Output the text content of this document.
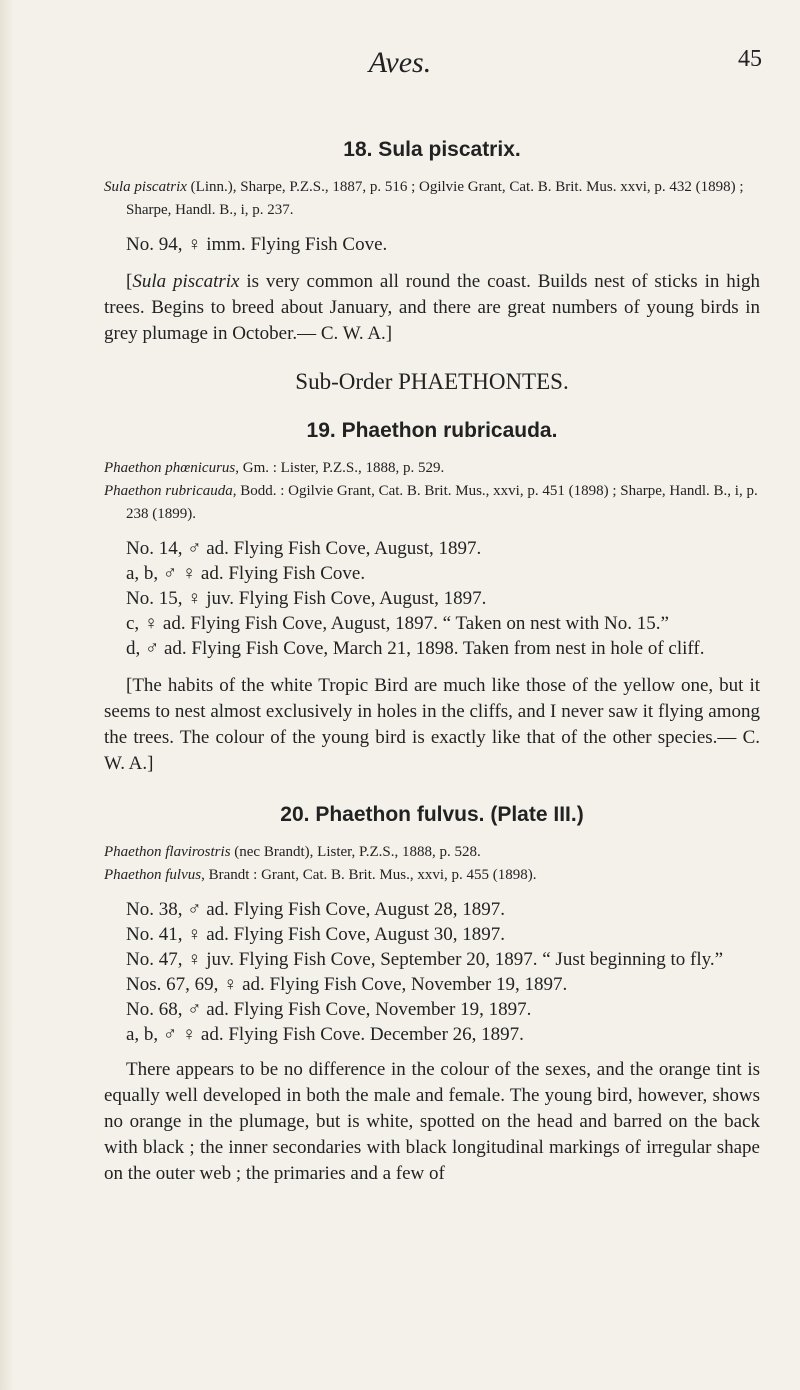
Aves.	45
18. Sula piscatrix.
Sula piscatrix (Linn.), Sharpe, P.Z.S., 1887, p. 516 ; Ogilvie Grant, Cat. B. Brit. Mus. xxvi, p. 432 (1898) ; Sharpe, Handl. B., i, p. 237.
No. 94, ♀ imm. Flying Fish Cove.
[Sula piscatrix is very common all round the coast. Builds nest of sticks in high trees. Begins to breed about January, and there are great numbers of young birds in grey plumage in October.— C. W. A.]
Sub-Order PHAETHONTES.
19. Phaethon rubricauda.
Phaethon phœnicurus, Gm. : Lister, P.Z.S., 1888, p. 529.
Phaethon rubricauda, Bodd. : Ogilvie Grant, Cat. B. Brit. Mus., xxvi, p. 451 (1898) ; Sharpe, Handl. B., i, p. 238 (1899).
No. 14, ♂ ad. Flying Fish Cove, August, 1897.
a, b, ♂ ♀ ad. Flying Fish Cove.
No. 15, ♀ juv. Flying Fish Cove, August, 1897.
c, ♀ ad. Flying Fish Cove, August, 1897. “ Taken on nest with No. 15.”
d, ♂ ad. Flying Fish Cove, March 21, 1898. Taken from nest in hole of cliff.
[The habits of the white Tropic Bird are much like those of the yellow one, but it seems to nest almost exclusively in holes in the cliffs, and I never saw it flying among the trees. The colour of the young bird is exactly like that of the other species.— C. W. A.]
20. Phaethon fulvus. (Plate III.)
Phaethon flavirostris (nec Brandt), Lister, P.Z.S., 1888, p. 528.
Phaethon fulvus, Brandt : Grant, Cat. B. Brit. Mus., xxvi, p. 455 (1898).
No. 38, ♂ ad. Flying Fish Cove, August 28, 1897.
No. 41, ♀ ad. Flying Fish Cove, August 30, 1897.
No. 47, ♀ juv. Flying Fish Cove, September 20, 1897. “ Just beginning to fly.”
Nos. 67, 69, ♀ ad. Flying Fish Cove, November 19, 1897.
No. 68, ♂ ad. Flying Fish Cove, November 19, 1897.
a, b, ♂ ♀ ad. Flying Fish Cove. December 26, 1897.
There appears to be no difference in the colour of the sexes, and the orange tint is equally well developed in both the male and female. The young bird, however, shows no orange in the plumage, but is white, spotted on the head and barred on the back with black ; the inner secondaries with black longitudinal markings of irregular shape on the outer web ; the primaries and a few of
